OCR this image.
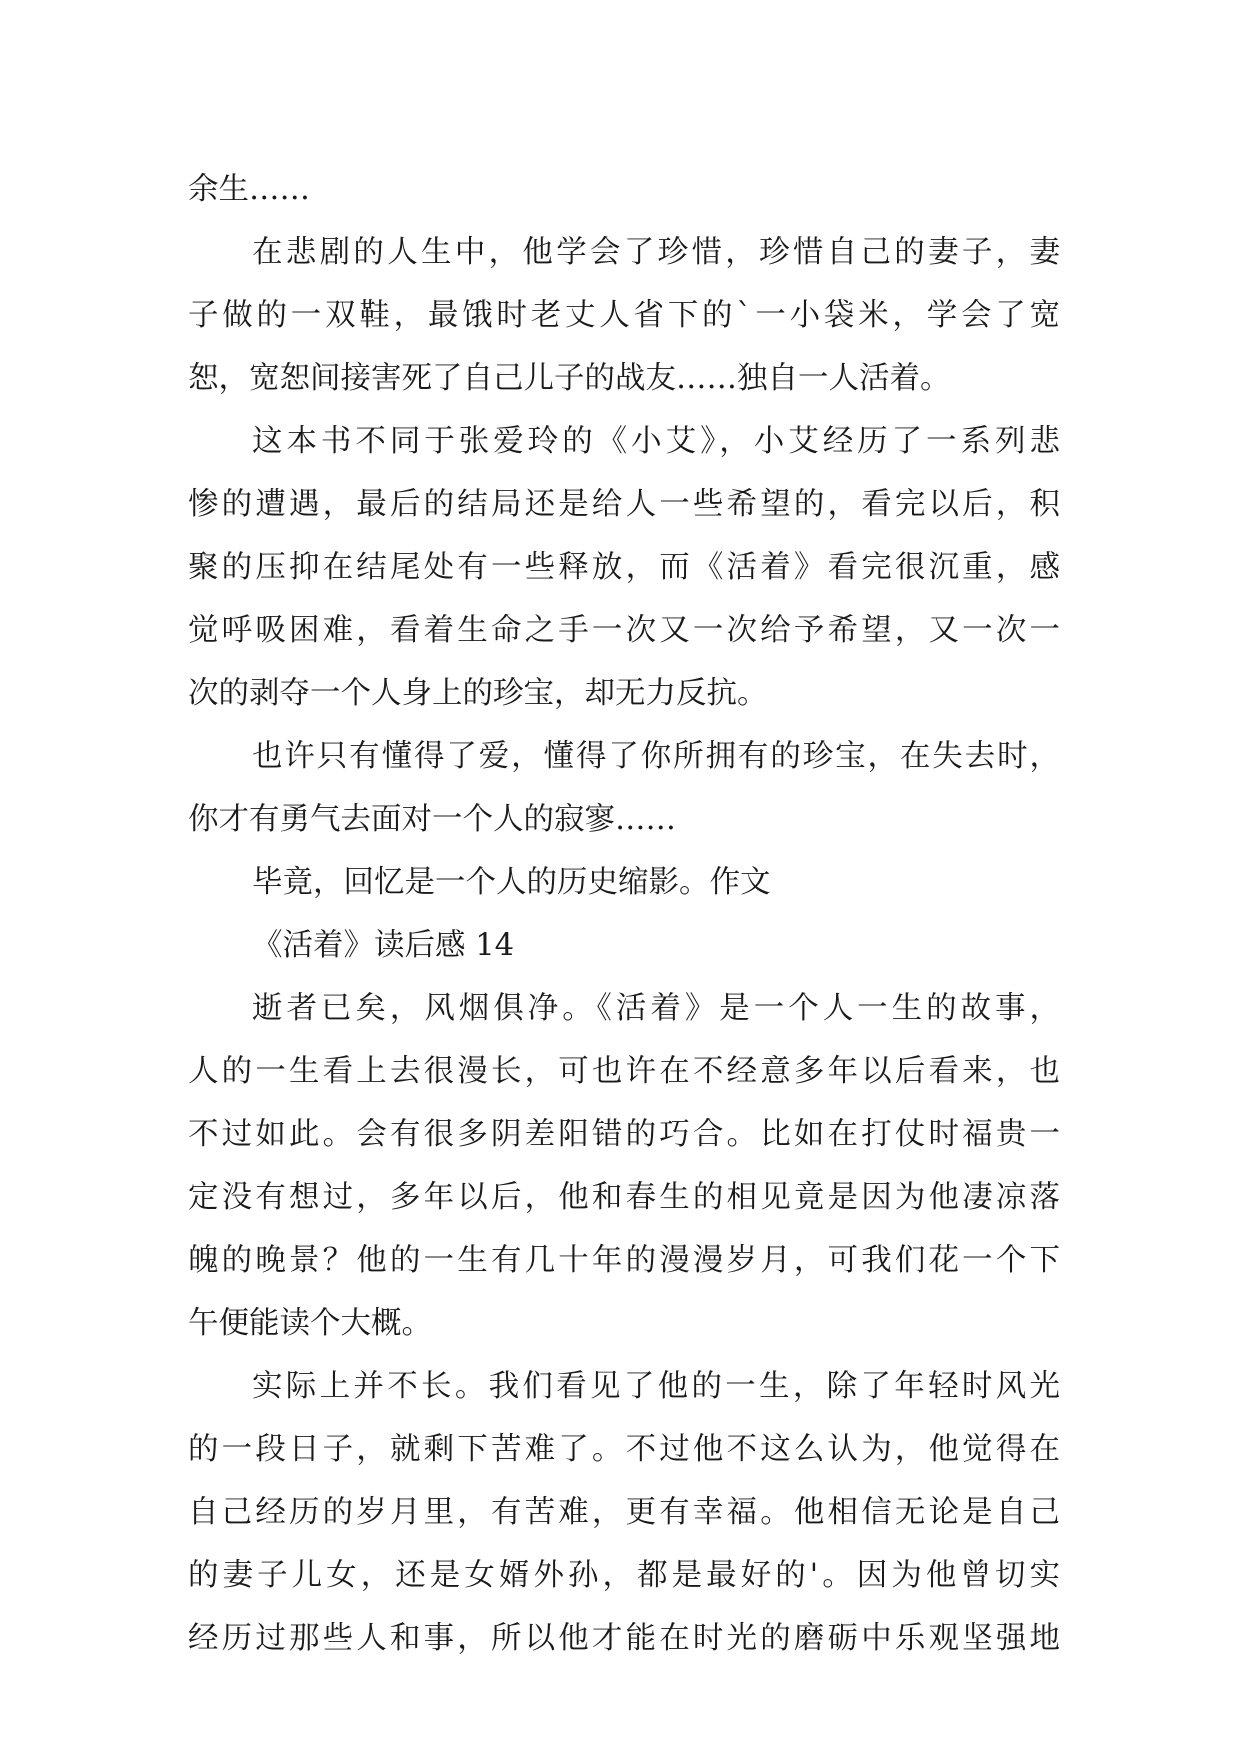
余生……
在悲剧的人生中，他学会了珍惜，珍惜自己的妻子，妻
子做的一双鞋，最饿时老丈人省下的`一小袋米，学会了宽
恕，宽恕间接害死了自己儿子的战友……独自一人活着。
这本书不同于张爱玲的《小艾》，小艾经历了一系列悲
惨的遭遇，最后的结局还是给人一些希望的，看完以后，积
聚的压抑在结尾处有一些释放，而《活着》看完很沉重，感
觉呼吸困难，看着生命之手一次又一次给予希望，又一次一
次的剥夺一个人身上的珍宝，却无力反抗。
也许只有懂得了爱，懂得了你所拥有的珍宝，在失去时，
你才有勇气去面对一个人的寂寥……
毕竟，回忆是一个人的历史缩影。作文
《活着》读后感 14
逝者已矣，风烟俱净。《活着》是一个人一生的故事，
人的一生看上去很漫长，可也许在不经意多年以后看来，也
不过如此。会有很多阴差阳错的巧合。比如在打仗时福贵一
定没有想过，多年以后，他和春生的相见竟是因为他凄凉落
魄的晚景？他的一生有几十年的漫漫岁月，可我们花一个下
午便能读个大概。
实际上并不长。我们看见了他的一生，除了年轻时风光
的一段日子，就剩下苦难了。不过他不这么认为，他觉得在
自己经历的岁月里，有苦难，更有幸福。他相信无论是自己
的妻子儿女，还是女婿外孙，都是最好的'。因为他曾切实
经历过那些人和事，所以他才能在时光的磨砺中乐观坚强地
